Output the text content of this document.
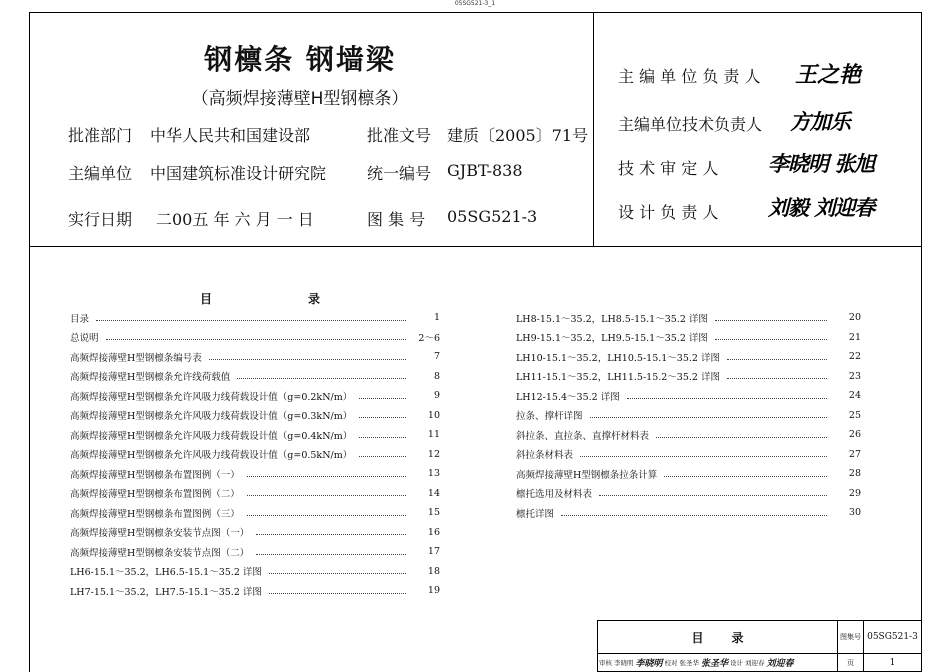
05SG521-3_1
钢檩条 钢墙梁
（高频焊接薄壁H型钢檩条）
批准部门 中华人民共和国建设部	批准文号 建质〔2005〕71号
主编单位 中国建筑标准设计研究院	统一编号 GJBT-838
实行日期 二00五 年 六 月 一 日	图 集 号 05SG521-3
主 编 单 位 负 责 人 王之艳
主编单位技术负责人 方加乐
技 术 审 定 人 李晓明 张旭
设 计 负 责 人 刘毅 刘迎春
目	录
目录	1
总说明	2～6
高频焊接薄壁H型钢檩条编号表	7
高频焊接薄壁H型钢檩条允许线荷载值	8
高频焊接薄壁H型钢檩条允许风吸力线荷载设计值（g=0.2kN/m）	9
高频焊接薄壁H型钢檩条允许风吸力线荷载设计值（g=0.3kN/m）	10
高频焊接薄壁H型钢檩条允许风吸力线荷载设计值（g=0.4kN/m）	11
高频焊接薄壁H型钢檩条允许风吸力线荷载设计值（g=0.5kN/m）	12
高频焊接薄壁H型钢檩条布置图例（一）	13
高频焊接薄壁H型钢檩条布置图例（二）	14
高频焊接薄壁H型钢檩条布置图例（三）	15
高频焊接薄壁H型钢檩条安装节点图（一）	16
高频焊接薄壁H型钢檩条安装节点图（二）	17
LH6-15.1～35.2，LH6.5-15.1～35.2 详图	18
LH7-15.1～35.2，LH7.5-15.1～35.2 详图	19
LH8-15.1～35.2，LH8.5-15.1～35.2 详图	20
LH9-15.1～35.2，LH9.5-15.1～35.2 详图	21
LH10-15.1～35.2，LH10.5-15.1～35.2 详图	22
LH11-15.1～35.2，LH11.5-15.2～35.2 详图	23
LH12-15.4～35.2 详图	24
拉条、撑杆详图	25
斜拉条、直拉条、直撑杆材料表	26
斜拉条材料表	27
高频焊接薄壁H型钢檩条拉条计算	28
檩托选用及材料表	29
檩托详图	30
目 录	图集号 05SG521-3
审核 李晓明 李晓明 校对 张圣华 张圣华 设计 刘迎春 刘迎春	页	1
